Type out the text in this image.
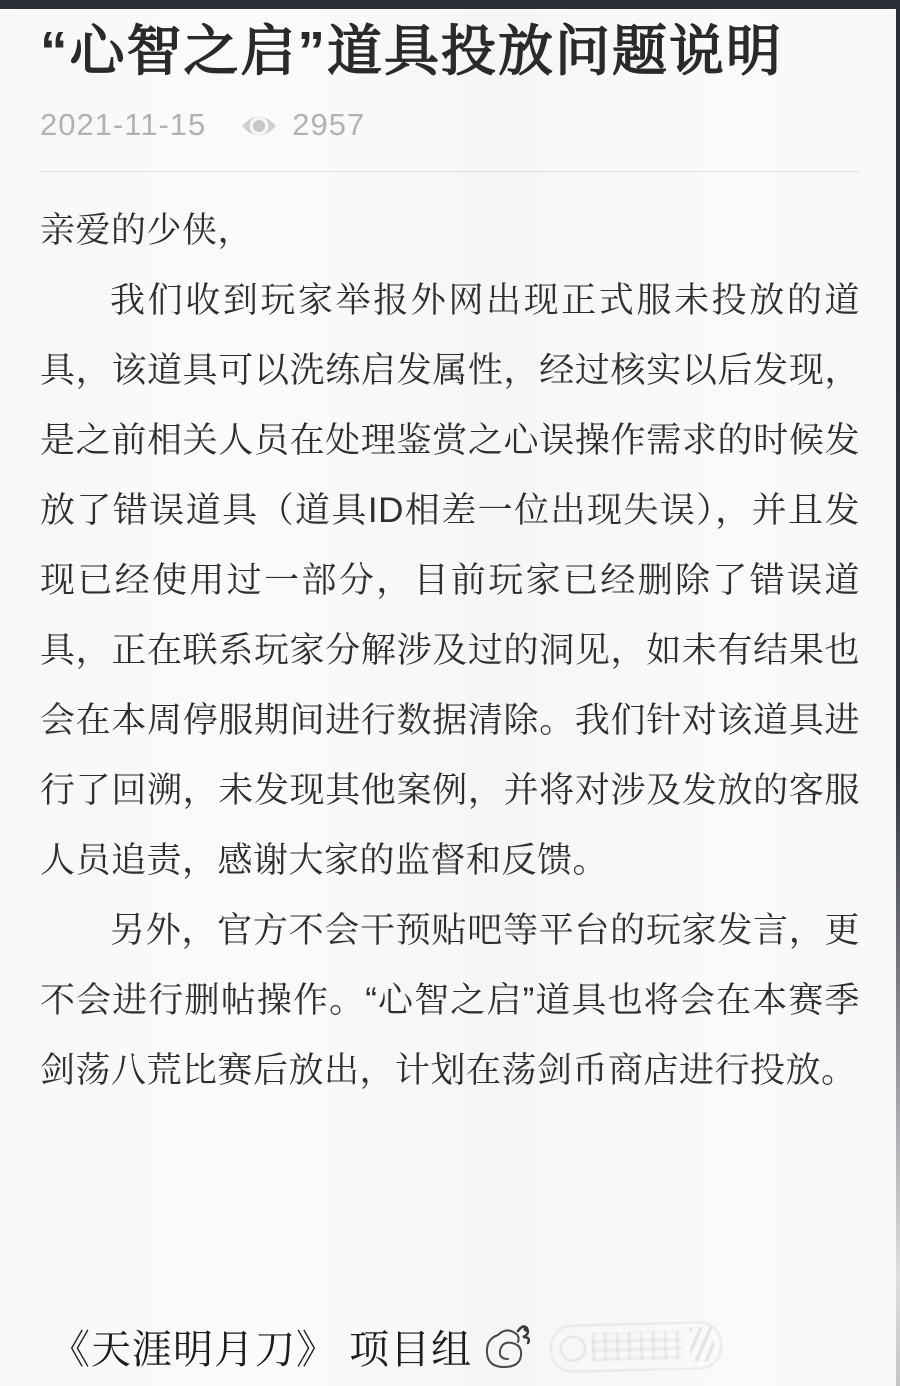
“心智之启”道具投放问题说明
2021-11-15	2957

亲爱的少侠，

我们收到玩家举报外网出现正式服未投放的道具，该道具可以洗练启发属性，经过核实以后发现，是之前相关人员在处理鉴赏之心误操作需求的时候发放了错误道具（道具ID相差一位出现失误），并且发现已经使用过一部分，目前玩家已经删除了错误道具，正在联系玩家分解涉及过的洞见，如未有结果也会在本周停服期间进行数据清除。我们针对该道具进行了回溯，未发现其他案例，并将对涉及发放的客服人员追责，感谢大家的监督和反馈。

另外，官方不会干预贴吧等平台的玩家发言，更不会进行删帖操作。“心智之启”道具也将会在本赛季剑荡八荒比赛后放出，计划在荡剑币商店进行投放。

《天涯明月刀》 项目组
